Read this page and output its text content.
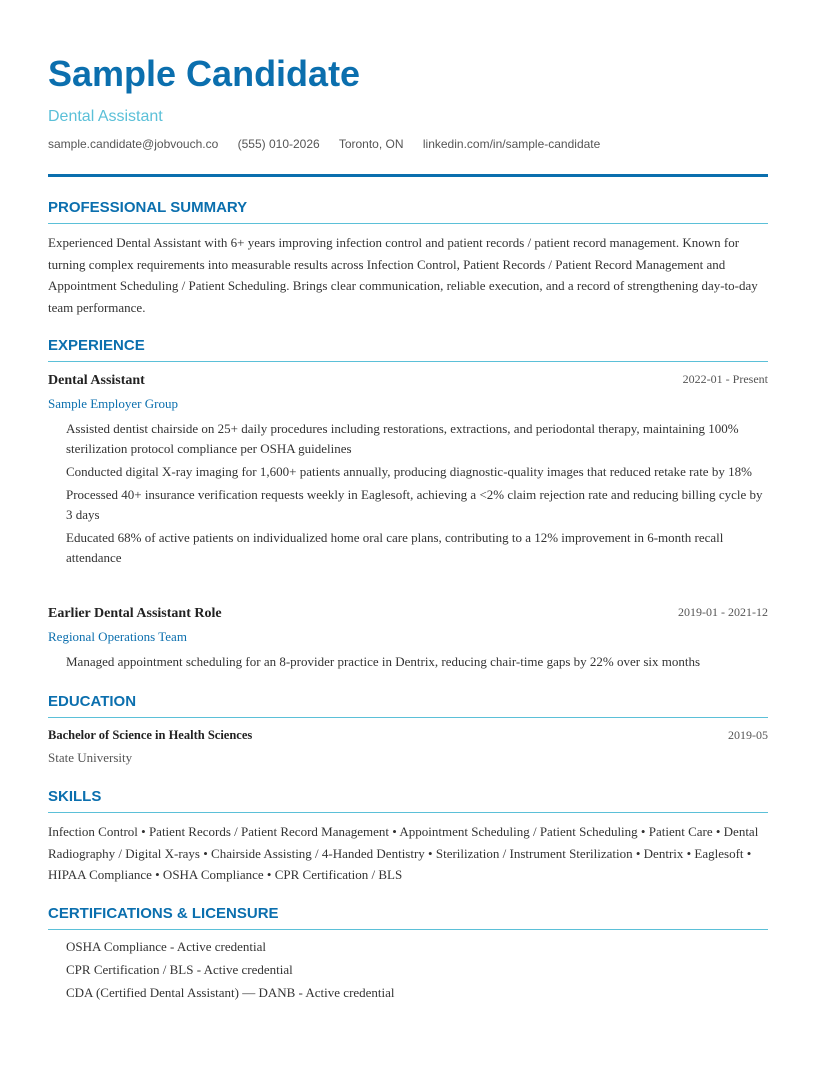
Sample Candidate
Dental Assistant
sample.candidate@jobvouch.co (555) 010-2026 Toronto, ON linkedin.com/in/sample-candidate
PROFESSIONAL SUMMARY
Experienced Dental Assistant with 6+ years improving infection control and patient records / patient record management. Known for turning complex requirements into measurable results across Infection Control, Patient Records / Patient Record Management and Appointment Scheduling / Patient Scheduling. Brings clear communication, reliable execution, and a record of strengthening day-to-day team performance.
EXPERIENCE
Dental Assistant	2022-01 - Present
Sample Employer Group
Assisted dentist chairside on 25+ daily procedures including restorations, extractions, and periodontal therapy, maintaining 100% sterilization protocol compliance per OSHA guidelines
Conducted digital X-ray imaging for 1,600+ patients annually, producing diagnostic-quality images that reduced retake rate by 18%
Processed 40+ insurance verification requests weekly in Eaglesoft, achieving a <2% claim rejection rate and reducing billing cycle by 3 days
Educated 68% of active patients on individualized home oral care plans, contributing to a 12% improvement in 6-month recall attendance
Earlier Dental Assistant Role	2019-01 - 2021-12
Regional Operations Team
Managed appointment scheduling for an 8-provider practice in Dentrix, reducing chair-time gaps by 22% over six months
EDUCATION
Bachelor of Science in Health Sciences	2019-05
State University
SKILLS
Infection Control • Patient Records / Patient Record Management • Appointment Scheduling / Patient Scheduling • Patient Care • Dental Radiography / Digital X-rays • Chairside Assisting / 4-Handed Dentistry • Sterilization / Instrument Sterilization • Dentrix • Eaglesoft • HIPAA Compliance • OSHA Compliance • CPR Certification / BLS
CERTIFICATIONS & LICENSURE
OSHA Compliance - Active credential
CPR Certification / BLS - Active credential
CDA (Certified Dental Assistant) — DANB - Active credential
